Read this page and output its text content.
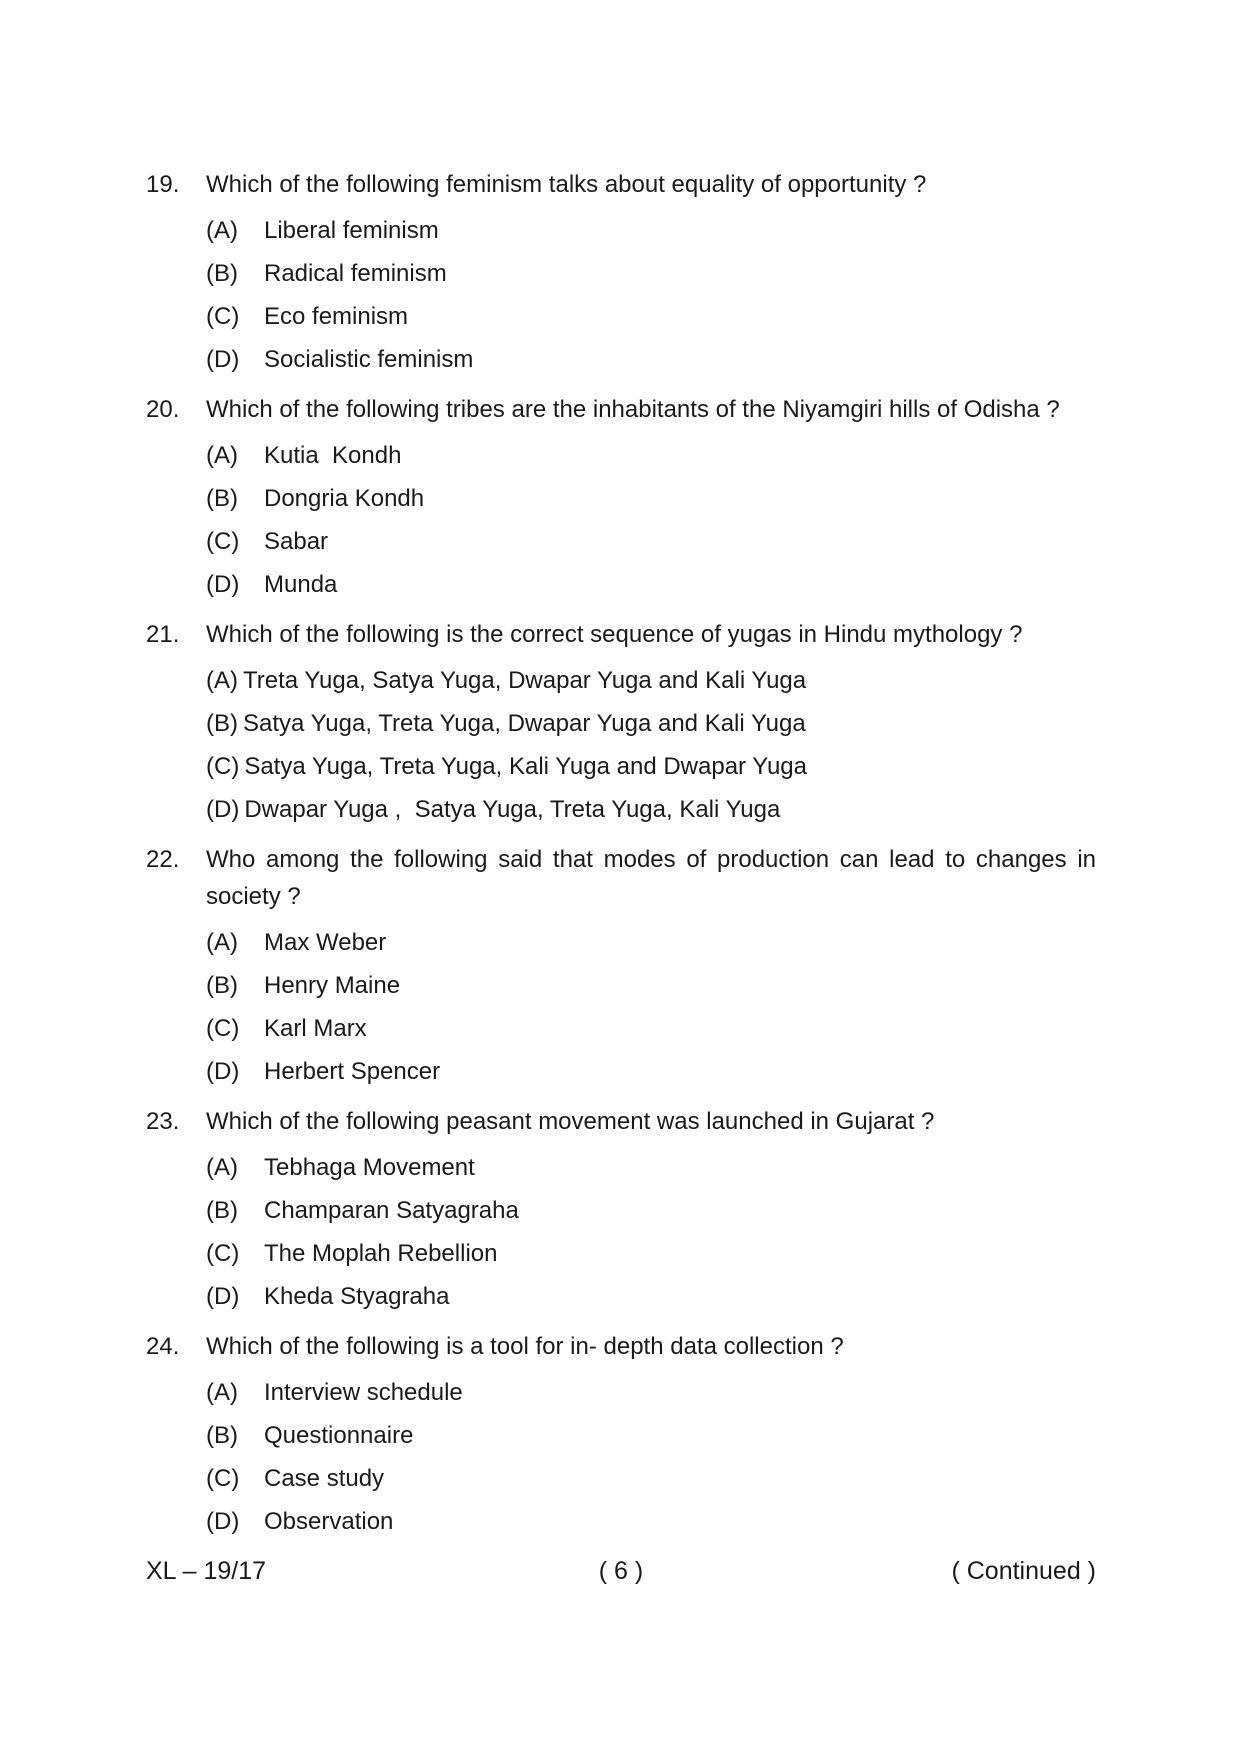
19. Which of the following feminism talks about equality of opportunity ?
(A) Liberal feminism
(B) Radical feminism
(C) Eco feminism
(D) Socialistic feminism
20. Which of the following tribes are the inhabitants of the Niyamgiri hills of Odisha ?
(A) Kutia  Kondh
(B) Dongria Kondh
(C) Sabar
(D) Munda
21. Which of the following is the correct sequence of yugas in Hindu mythology ?
(A) Treta Yuga, Satya Yuga, Dwapar Yuga and Kali Yuga
(B) Satya Yuga, Treta Yuga, Dwapar Yuga and Kali Yuga
(C) Satya Yuga, Treta Yuga, Kali Yuga and Dwapar Yuga
(D) Dwapar Yuga ,  Satya Yuga, Treta Yuga, Kali Yuga
22. Who among the following said that modes of production can lead to changes in society ?
(A) Max Weber
(B) Henry Maine
(C) Karl Marx
(D) Herbert Spencer
23. Which of the following peasant movement was launched in Gujarat ?
(A) Tebhaga Movement
(B) Champaran Satyagraha
(C) The Moplah Rebellion
(D) Kheda Styagraha
24. Which of the following is a tool for in- depth data collection ?
(A) Interview schedule
(B) Questionnaire
(C) Case study
(D) Observation
XL – 19/17	( 6 )	( Continued )
